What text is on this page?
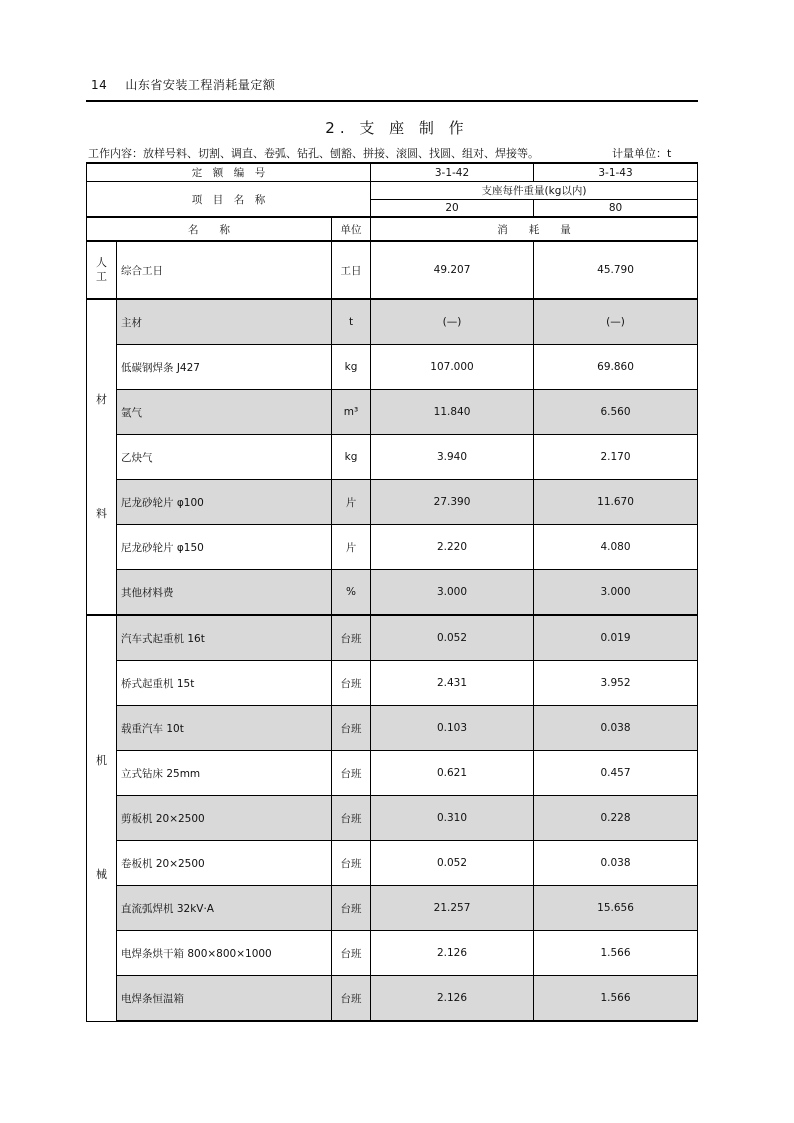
14 山东省安装工程消耗量定额
2. 支 座 制 作
工作内容：放样号料、切割、调直、卷弧、钻孔、刨豁、拼接、滚圆、找圆、组对、焊接等。	计量单位：t
定　额　编　号			3-1-42	3-1-43
项　目　名　称			支座每件重量(kg以内)	
			20	80
名　　称		单位	消　　耗　　量	

人工	综合工日	工日	49.207	45.790

材
料	主材	t	(—)	(—)
	低碳钢焊条 J427	kg	107.000	69.860
	氩气	m³	11.840	6.560
	乙炔气	kg	3.940	2.170
	尼龙砂轮片 φ100	片	27.390	11.670
	尼龙砂轮片 φ150	片	2.220	4.080
	其他材料费	%	3.000	3.000

机
械	汽车式起重机 16t	台班	0.052	0.019
	桥式起重机 15t	台班	2.431	3.952
	载重汽车 10t	台班	0.103	0.038
	立式钻床 25mm	台班	0.621	0.457
	剪板机 20×2500	台班	0.310	0.228
	卷板机 20×2500	台班	0.052	0.038
	直流弧焊机 32kV·A	台班	21.257	15.656
	电焊条烘干箱 800×800×1000	台班	2.126	1.566
	电焊条恒温箱	台班	2.126	1.566
